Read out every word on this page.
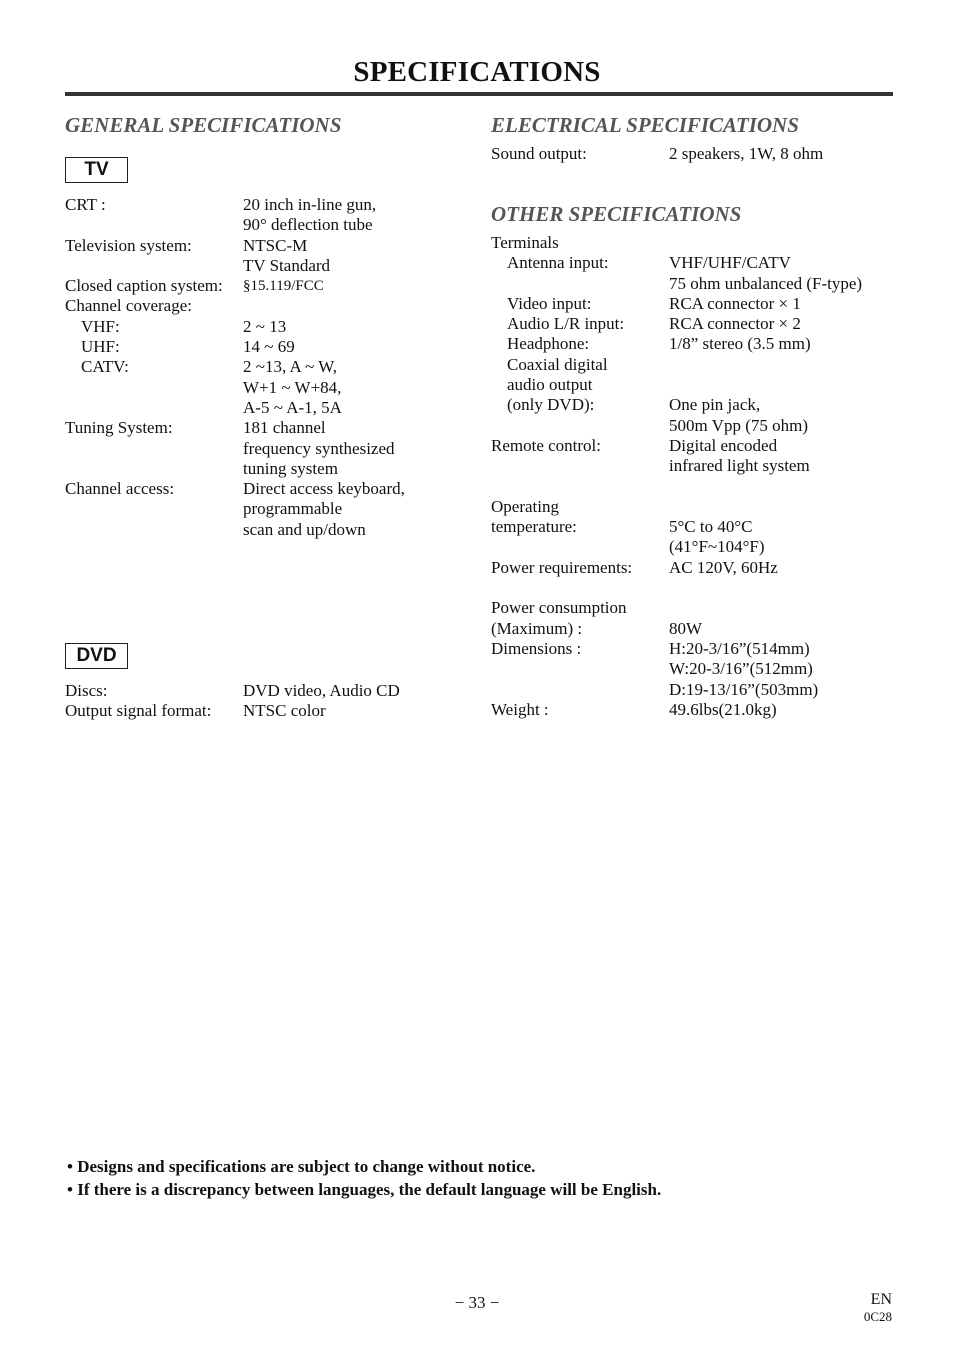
SPECIFICATIONS
GENERAL SPECIFICATIONS
TV
CRT :	20 inch in-line gun,

90° deflection tube
Television system:	NTSC-M

TV Standard
Closed caption system:	§15.119/FCC
Channel coverage:
VHF:	2 ~ 13
UHF:	14 ~ 69
CATV:	2 ~13, A ~ W,

W+1 ~ W+84,

A-5 ~ A-1, 5A
Tuning System:	181 channel

frequency synthesized

tuning system
Channel access:	Direct access keyboard,

programmable

scan and up/down
DVD
Discs:	DVD video, Audio CD
Output signal format:	NTSC color
ELECTRICAL SPECIFICATIONS
Sound output:	2 speakers, 1W, 8 ohm
OTHER SPECIFICATIONS
Terminals
Antenna input:	VHF/UHF/CATV

75 ohm unbalanced (F-type)
Video input:	RCA connector × 1
Audio L/R input:	RCA connector × 2
Headphone:	1/8” stereo (3.5 mm)
Coaxial digital
audio output
(only DVD):	One pin jack,

500m Vpp (75 ohm)
Remote control:	Digital encoded

infrared light system

Operating
temperature:	5°C to 40°C

(41°F~104°F)
Power requirements:	AC 120V, 60Hz

Power consumption
(Maximum) :	80W
Dimensions :	H:20-3/16”(514mm)

W:20-3/16”(512mm)

D:19-13/16”(503mm)
Weight :	49.6lbs(21.0kg)
• Designs and specifications are subject to change without notice.
• If there is a discrepancy between languages, the default language will be English.
− 33 −	EN
0C28
